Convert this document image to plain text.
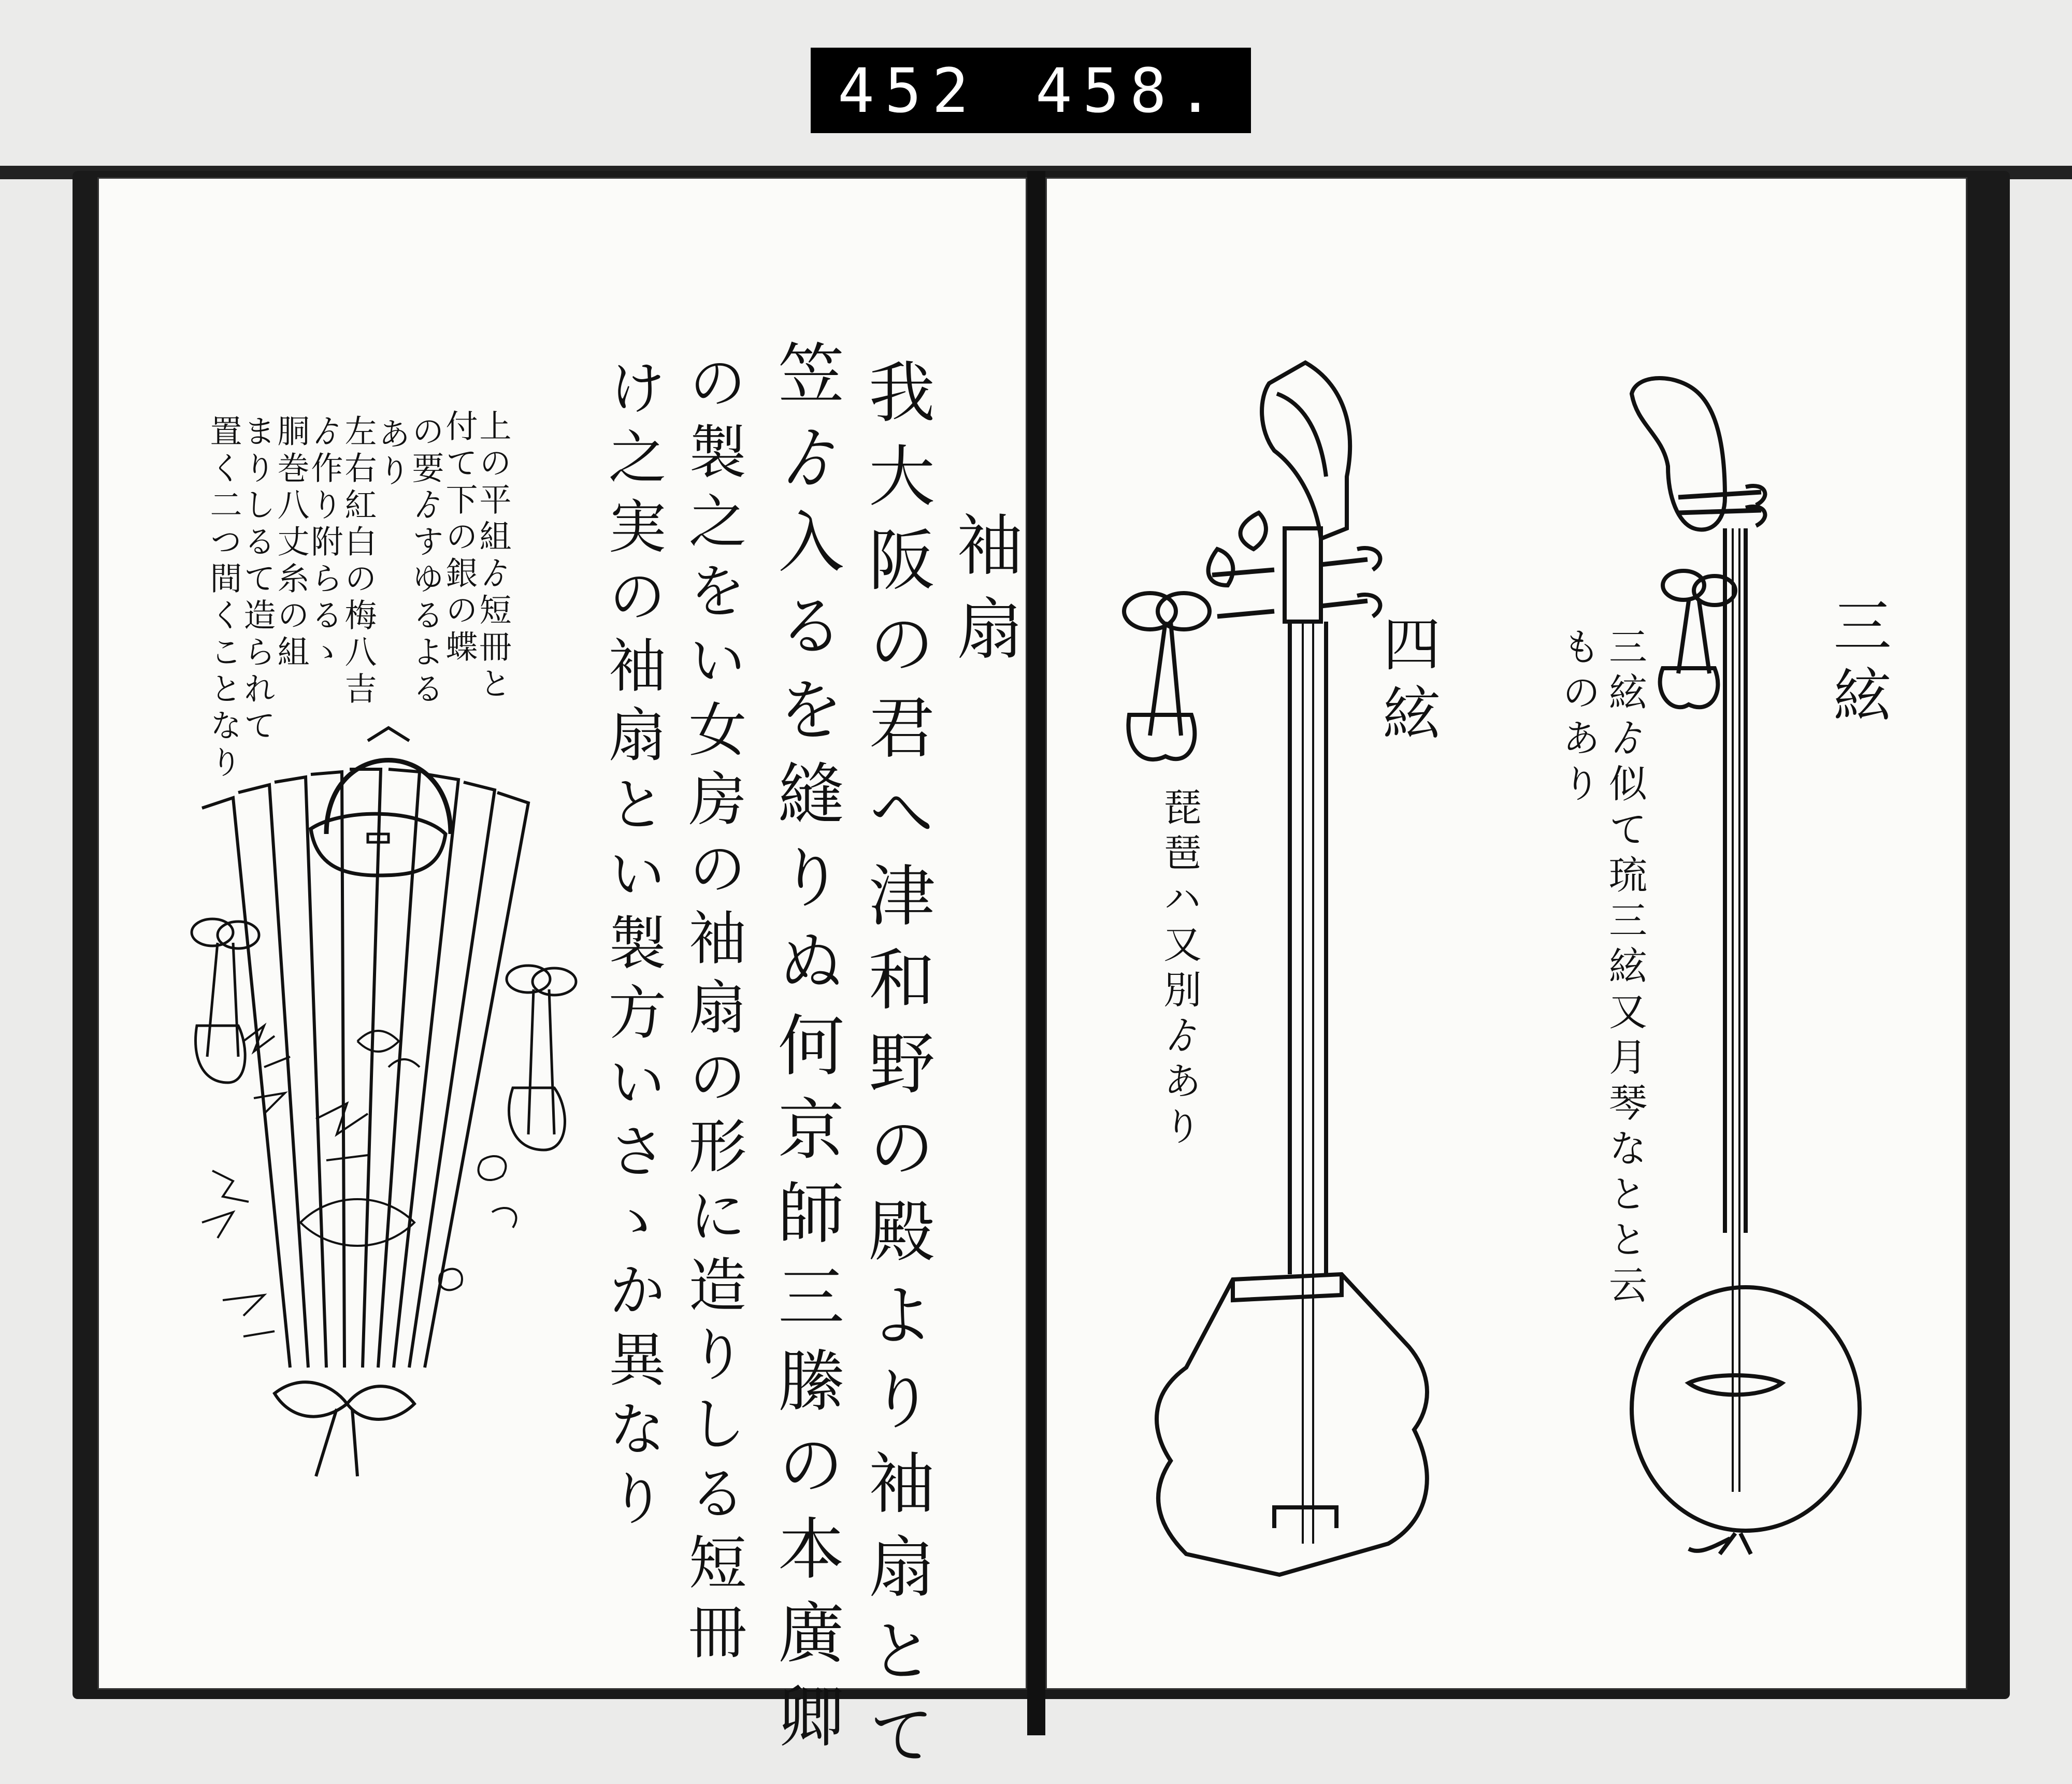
452 458.
袖扇
我大阪の君へ津和野の殿より袖扇とて
笠ゟ入るを縫りぬ何京師三縢の本廣卿
の製之をい女房の袖扇の形に造りしる短冊
け之実の袖扇とい製方いさゝか異なり
上の平組ゟ短冊と
付て下の銀の蝶
の要ゟすゆるよる
あり
左右紅白の梅八吉
ゟ作り附らるゝ
胴巻八丈糸の組
まりしるて造られて
置く二つ間くことなり	四絃
琵琶ハ又別ゟあり
三絃
三絃ゟ似て琉三絃又月琴なとと云
ものあり
